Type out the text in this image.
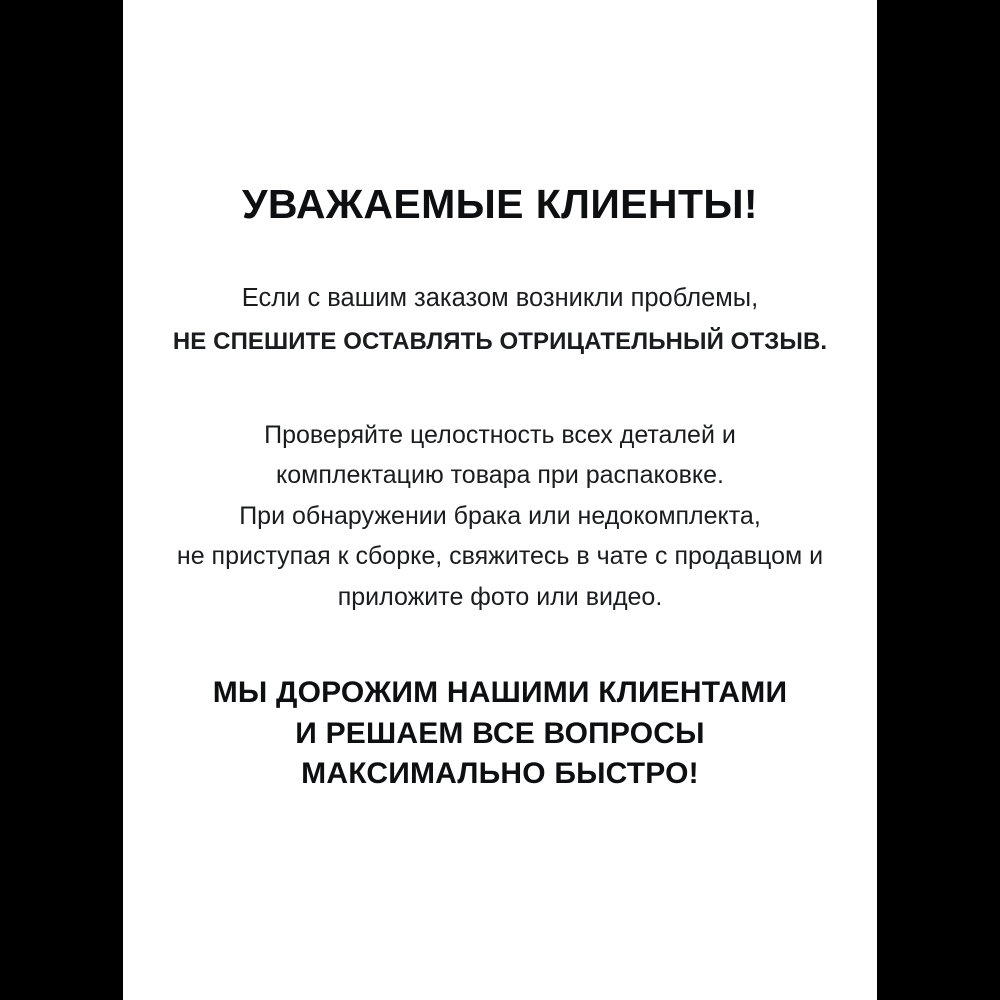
УВАЖАЕМЫЕ КЛИЕНТЫ!
Если с вашим заказом возникли проблемы,
НЕ СПЕШИТЕ ОСТАВЛЯТЬ ОТРИЦАТЕЛЬНЫЙ ОТЗЫВ.
Проверяйте целостность всех деталей и
комплектацию товара при распаковке.
При обнаружении брака или недокомплекта,
не приступая к сборке, свяжитесь в чате с продавцом и
приложите фото или видео.
МЫ ДОРОЖИМ НАШИМИ КЛИЕНТАМИ
И РЕШАЕМ ВСЕ ВОПРОСЫ
МАКСИМАЛЬНО БЫСТРО!
